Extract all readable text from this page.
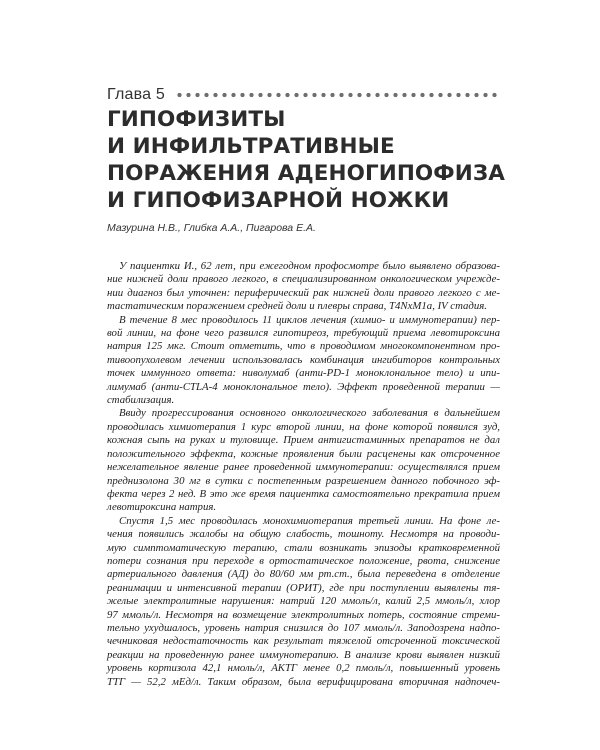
Глава 5
ГИПОФИЗИТЫ
И ИНФИЛЬТРАТИВНЫЕ
ПОРАЖЕНИЯ АДЕНОГИПОФИЗА
И ГИПОФИЗАРНОЙ НОЖКИ
Мазурина Н.В., Глибка А.А., Пигарова Е.А.

У пациентки И., 62 лет, при ежегодном профосмотре было выявлено образова-
ние нижней доли правого легкого, в специализированном онкологическом учрежде-
нии диагноз был уточнен: периферический рак нижней доли правого легкого с ме-
тастатическим поражением средней доли и плевры справа, T4NxM1a, IV стадия.

В течение 8 мес проводилось 11 циклов лечения (химио- и иммунотерапии) пер-
вой линии, на фоне чего развился гипотиреоз, требующий приема левотироксина
натрия 125 мкг. Стоит отметить, что в проводимом многокомпонентном про-
тивоопухолевом лечении использовалась комбинация ингибиторов контрольных
точек иммунного ответа: ниволумаб (анти-PD-1 моноклональное тело) и ипи-
лимумаб (анти-CTLA-4 моноклональное тело). Эффект проведенной терапии —
стабилизация.

Ввиду прогрессирования основного онкологического заболевания в дальнейшем
проводилась химиотерапия 1 курс второй линии, на фоне которой появился зуд,
кожная сыпь на руках и туловище. Прием антигистаминных препаратов не дал
положительного эффекта, кожные проявления были расценены как отсроченное
нежелательное явление ранее проведенной иммунотерапии: осуществлялся прием
преднизолона 30 мг в сутки с постепенным разрешением данного побочного эф-
фекта через 2 нед. В это же время пациентка самостоятельно прекратила прием
левотироксина натрия.

Спустя 1,5 мес проводилась монохимиотерапия третьей линии. На фоне ле-
чения появились жалобы на общую слабость, тошноту. Несмотря на проводи-
мую симптоматическую терапию, стали возникать эпизоды кратковременной
потери сознания при переходе в ортостатическое положение, рвота, снижение
артериального давления (АД) до 80/60 мм рт.ст., была переведена в отделение
реанимации и интенсивной терапии (ОРИТ), где при поступлении выявлены тя-
желые электролитные нарушения: натрий 120 ммоль/л, калий 2,5 ммоль/л, хлор
97 ммоль/л. Несмотря на возмещение электролитных потерь, состояние стреми-
тельно ухудшалось, уровень натрия снизился до 107 ммоль/л. Заподозрена надпо-
чечниковая недостаточность как результат тяжелой отсроченной токсической
реакции на проведенную ранее иммунотерапию. В анализе крови выявлен низкий
уровень кортизола 42,1 нмоль/л, АКТГ менее 0,2 пмоль/л, повышенный уровень
ТТГ — 52,2 мЕд/л. Таким образом, была верифицирована вторичная надпочеч-
